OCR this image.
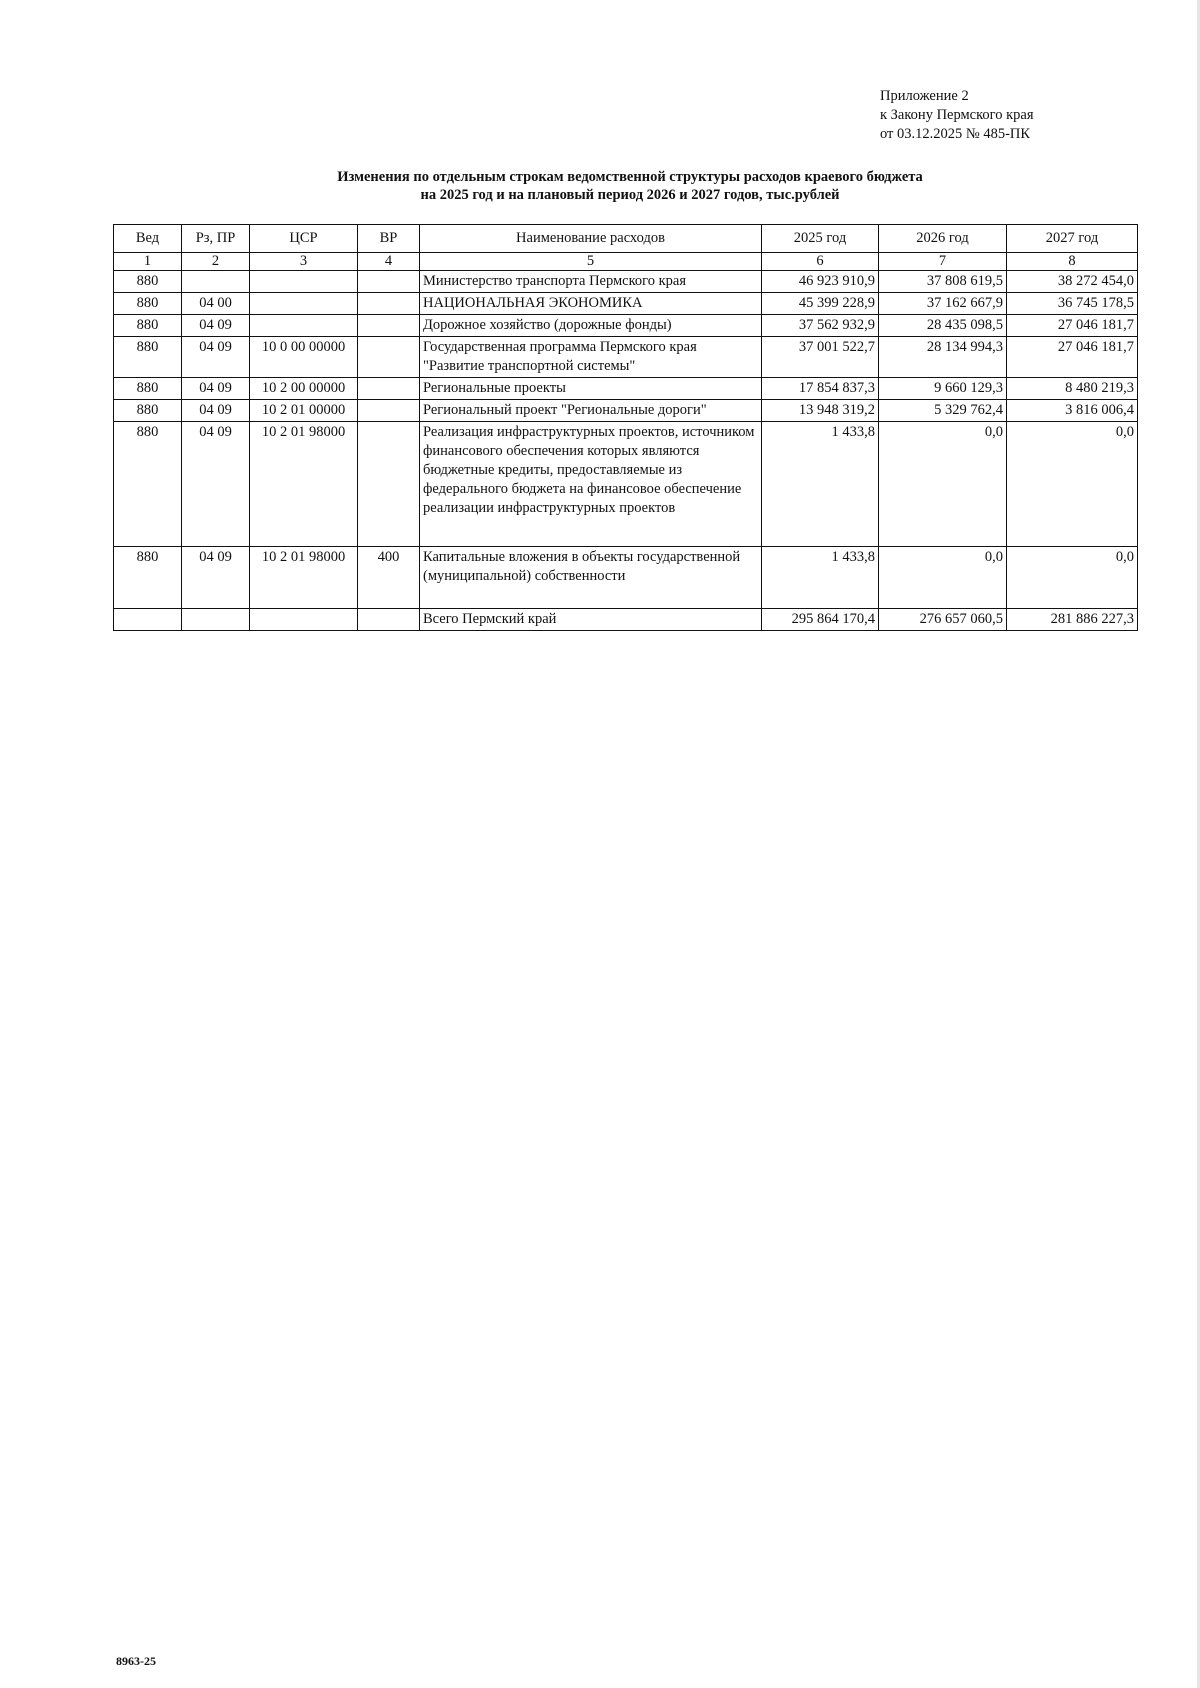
Приложение 2
к Закону Пермского края
от 03.12.2025 № 485-ПК
Изменения по отдельным строкам ведомственной структуры расходов краевого бюджета
на 2025 год и на плановый период 2026 и 2027 годов, тыс.рублей
Вед	Рз, ПР	ЦСР	ВР	Наименование расходов	2025 год	2026 год	2027 год
1	2	3	4	5	6	7	8
880				Министерство транспорта Пермского края	46 923 910,9	37 808 619,5	38 272 454,0
880	04 00			НАЦИОНАЛЬНАЯ ЭКОНОМИКА	45 399 228,9	37 162 667,9	36 745 178,5
880	04 09			Дорожное хозяйство (дорожные фонды)	37 562 932,9	28 435 098,5	27 046 181,7
880	04 09	10 0 00 00000		Государственная программа Пермского края "Развитие транспортной системы"	37 001 522,7	28 134 994,3	27 046 181,7
880	04 09	10 2 00 00000		Региональные проекты	17 854 837,3	9 660 129,3	8 480 219,3
880	04 09	10 2 01 00000		Региональный проект "Региональные дороги"	13 948 319,2	5 329 762,4	3 816 006,4
880	04 09	10 2 01 98000		Реализация инфраструктурных проектов, источником финансового обеспечения которых являются бюджетные кредиты, предоставляемые из федерального бюджета на финансовое обеспечение реализации инфраструктурных проектов	1 433,8	0,0	0,0
880	04 09	10 2 01 98000	400	Капитальные вложения в объекты государственной (муниципальной) собственности	1 433,8	0,0	0,0
				Всего Пермский край	295 864 170,4	276 657 060,5	281 886 227,3
8963-25
